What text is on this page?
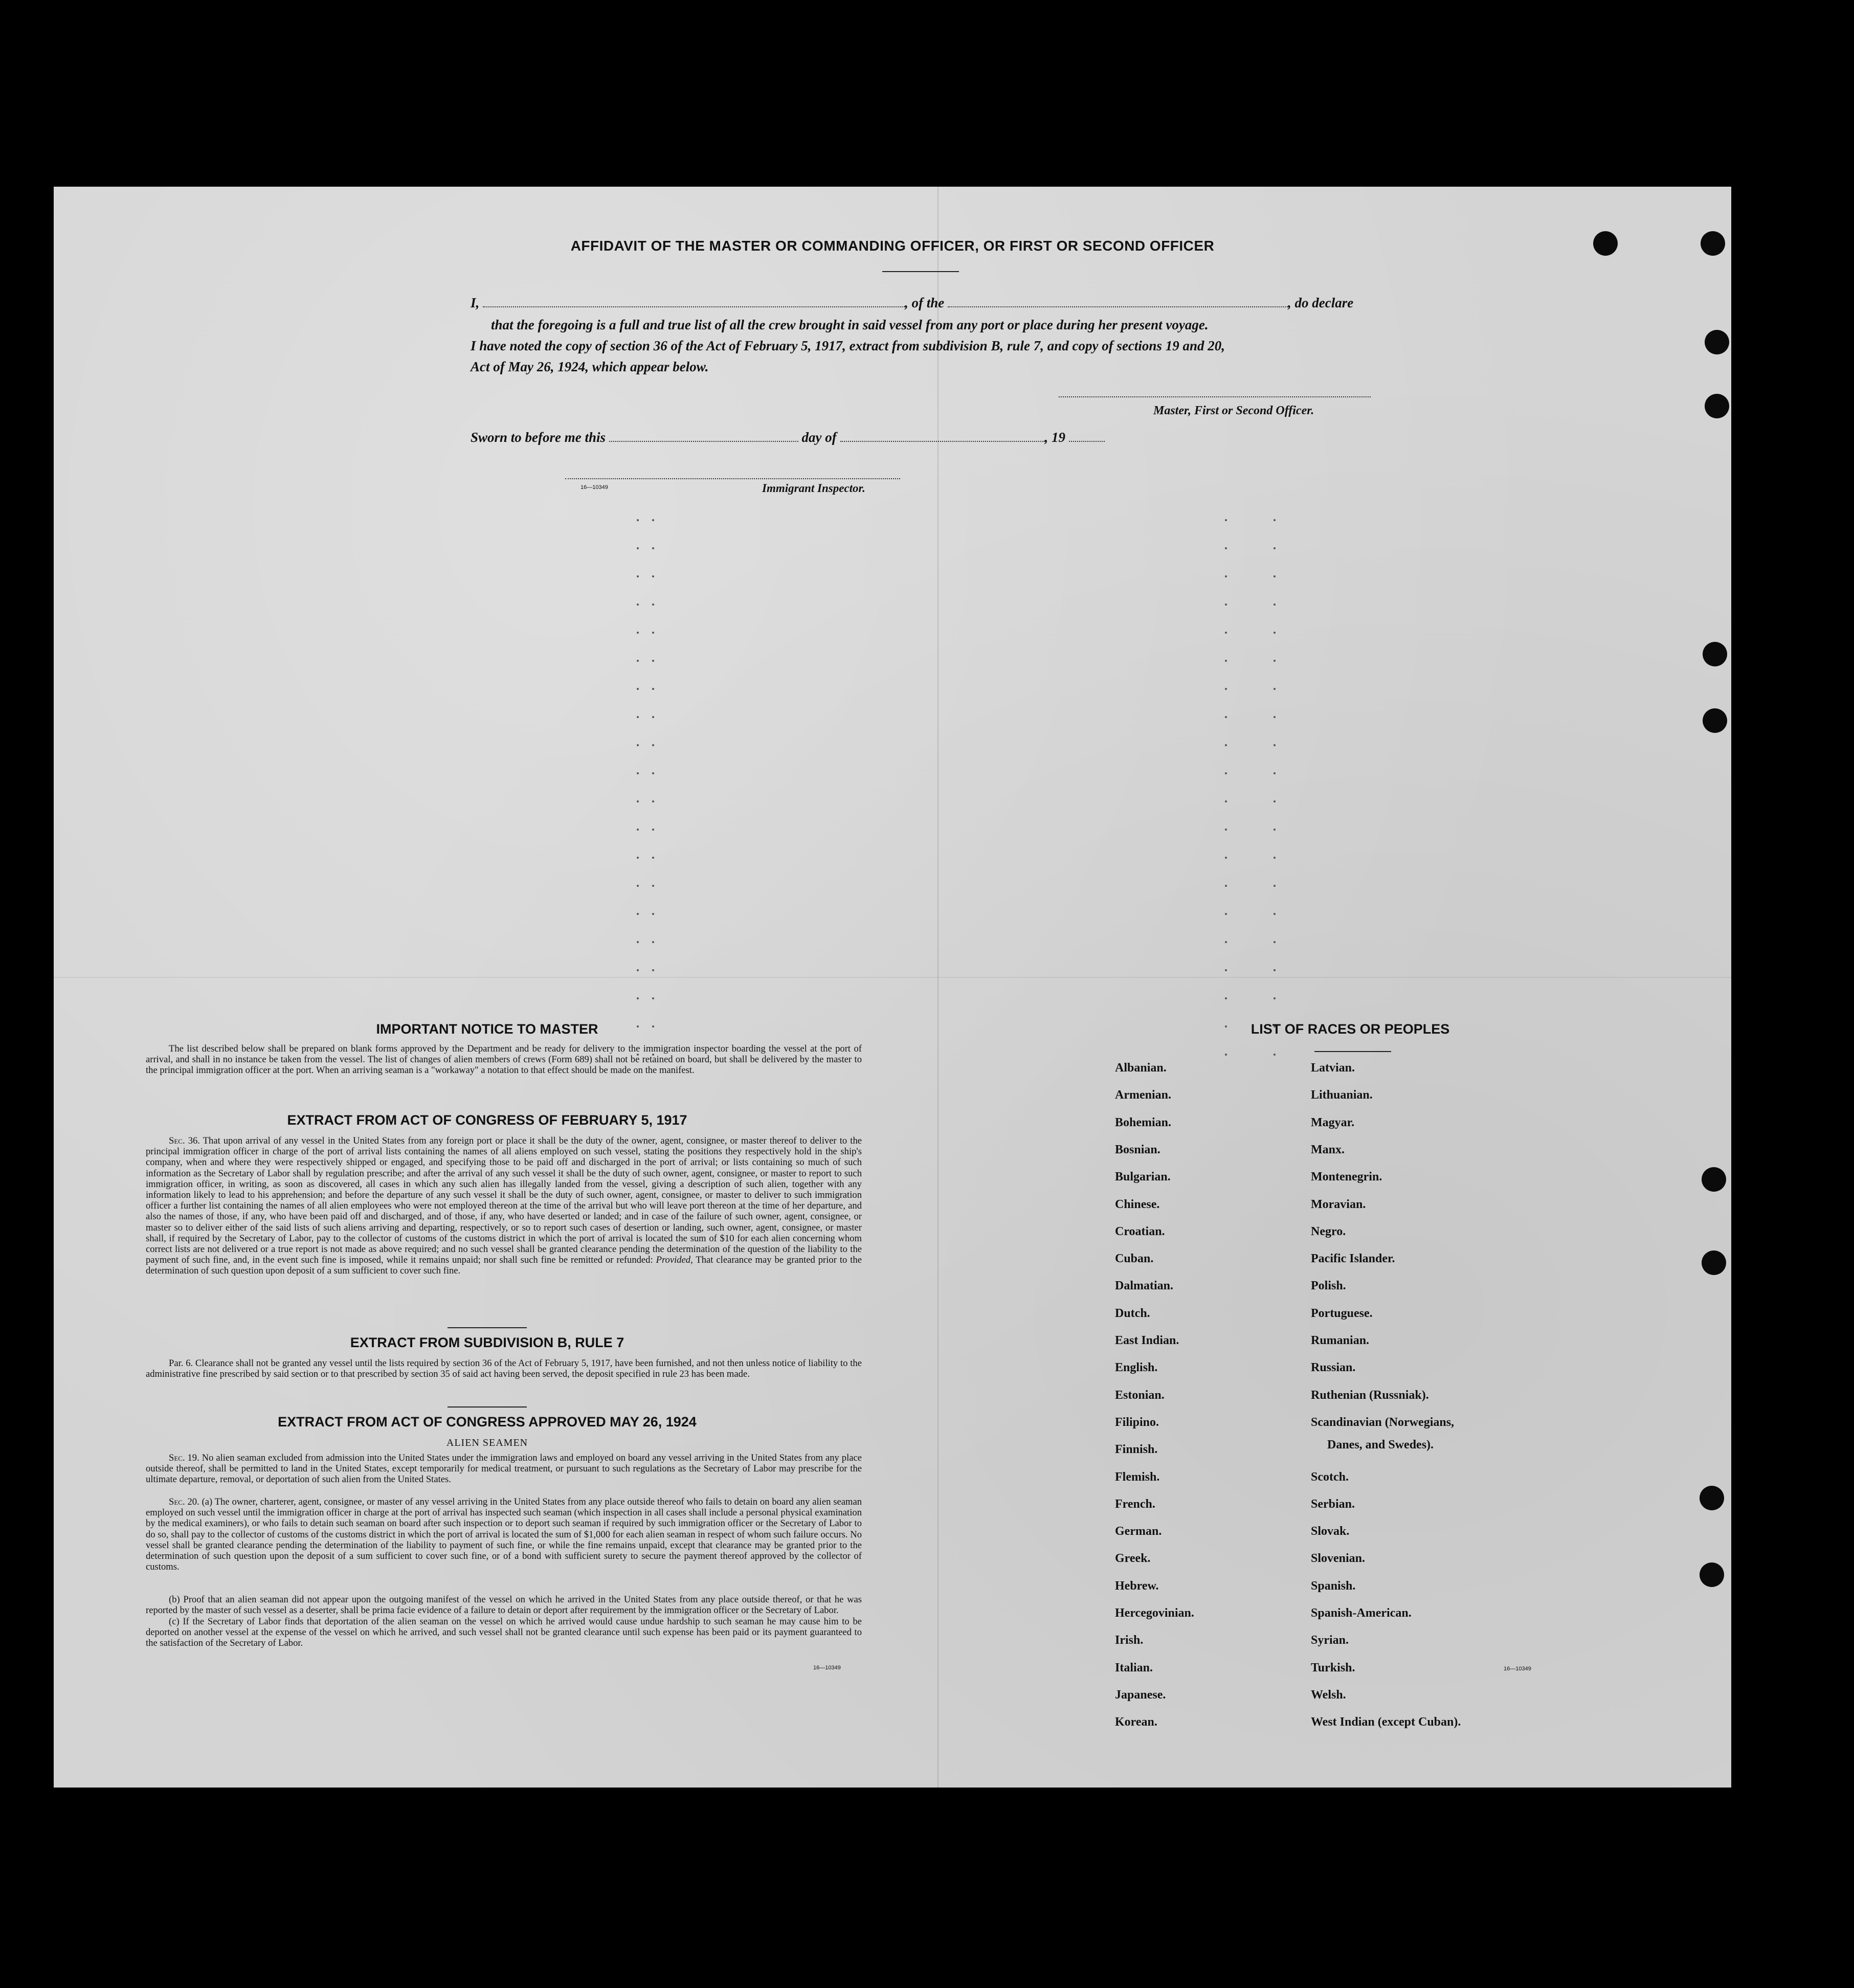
AFFIDAVIT OF THE MASTER OR COMMANDING OFFICER, OR FIRST OR SECOND OFFICER
I,	, of the	, do declare
that the foregoing is a full and true list of all the crew brought in said vessel from any port or place during her present voyage.
I have noted the copy of section 36 of the Act of February 5, 1917, extract from subdivision B, rule 7, and copy of sections 19 and 20,
Act of May 26, 1924, which appear below.
Master, First or Second Officer.
Sworn to before me this	day of	, 19
16—10349	Immigrant Inspector.
IMPORTANT NOTICE TO MASTER
The list described below shall be prepared on blank forms approved by the Department and be ready for delivery to the immigration inspector boarding the vessel at the port of arrival, and shall in no instance be taken from the vessel. The list of changes of alien members of crews (Form 689) shall not be retained on board, but shall be delivered by the master to the principal immigration officer at the port. When an arriving seaman is a "workaway" a notation to that effect should be made on the manifest.
EXTRACT FROM ACT OF CONGRESS OF FEBRUARY 5, 1917
Sec. 36. That upon arrival of any vessel in the United States from any foreign port or place it shall be the duty of the owner, agent, consignee, or master thereof to deliver to the principal immigration officer in charge of the port of arrival lists containing the names of all aliens employed on such vessel, stating the positions they respectively hold in the ship's company, when and where they were respectively shipped or engaged, and specifying those to be paid off and discharged in the port of arrival; or lists containing so much of such information as the Secretary of Labor shall by regulation prescribe; and after the arrival of any such vessel it shall be the duty of such owner, agent, consignee, or master to report to such immigration officer, in writing, as soon as discovered, all cases in which any such alien has illegally landed from the vessel, giving a description of such alien, together with any information likely to lead to his apprehension; and before the departure of any such vessel it shall be the duty of such owner, agent, consignee, or master to deliver to such immigration officer a further list containing the names of all alien employees who were not employed thereon at the time of the arrival but who will leave port thereon at the time of her departure, and also the names of those, if any, who have been paid off and discharged, and of those, if any, who have deserted or landed; and in case of the failure of such owner, agent, consignee, or master so to deliver either of the said lists of such aliens arriving and departing, respectively, or so to report such cases of desertion or landing, such owner, agent, consignee, or master shall, if required by the Secretary of Labor, pay to the collector of customs of the customs district in which the port of arrival is located the sum of $10 for each alien concerning whom correct lists are not delivered or a true report is not made as above required; and no such vessel shall be granted clearance pending the determination of the question of the liability to the payment of such fine, and, in the event such fine is imposed, while it remains unpaid; nor shall such fine be remitted or refunded: Provided, That clearance may be granted prior to the determination of such question upon deposit of a sum sufficient to cover such fine.
EXTRACT FROM SUBDIVISION B, RULE 7
Par. 6. Clearance shall not be granted any vessel until the lists required by section 36 of the Act of February 5, 1917, have been furnished, and not then unless notice of liability to the administrative fine prescribed by said section or to that prescribed by section 35 of said act having been served, the deposit specified in rule 23 has been made.
EXTRACT FROM ACT OF CONGRESS APPROVED MAY 26, 1924
ALIEN SEAMEN
Sec. 19. No alien seaman excluded from admission into the United States under the immigration laws and employed on board any vessel arriving in the United States from any place outside thereof, shall be permitted to land in the United States, except temporarily for medical treatment, or pursuant to such regulations as the Secretary of Labor may prescribe for the ultimate departure, removal, or deportation of such alien from the United States.
Sec. 20. (a) The owner, charterer, agent, consignee, or master of any vessel arriving in the United States from any place outside thereof who fails to detain on board any alien seaman employed on such vessel until the immigration officer in charge at the port of arrival has inspected such seaman (which inspection in all cases shall include a personal physical examination by the medical examiners), or who fails to detain such seaman on board after such inspection or to deport such seaman if required by such immigration officer or the Secretary of Labor to do so, shall pay to the collector of customs of the customs district in which the port of arrival is located the sum of $1,000 for each alien seaman in respect of whom such failure occurs. No vessel shall be granted clearance pending the determination of the liability to payment of such fine, or while the fine remains unpaid, except that clearance may be granted prior to the determination of such question upon the deposit of a sum sufficient to cover such fine, or of a bond with sufficient surety to secure the payment thereof approved by the collector of customs.
(b) Proof that an alien seaman did not appear upon the outgoing manifest of the vessel on which he arrived in the United States from any place outside thereof, or that he was reported by the master of such vessel as a deserter, shall be prima facie evidence of a failure to detain or deport after requirement by the immigration officer or the Secretary of Labor.
(c) If the Secretary of Labor finds that deportation of the alien seaman on the vessel on which he arrived would cause undue hardship to such seaman he may cause him to be deported on another vessel at the expense of the vessel on which he arrived, and such vessel shall not be granted clearance until such expense has been paid or its payment guaranteed to the satisfaction of the Secretary of Labor.
16—10349
LIST OF RACES OR PEOPLES
Albanian.
Armenian.
Bohemian.
Bosnian.
Bulgarian.
Chinese.
Croatian.
Cuban.
Dalmatian.
Dutch.
East Indian.
English.
Estonian.
Filipino.
Finnish.
Flemish.
French.
German.
Greek.
Hebrew.
Hercegovinian.
Irish.
Italian.
Japanese.
Korean.
Latvian.
Lithuanian.
Magyar.
Manx.
Montenegrin.
Moravian.
Negro.
Pacific Islander.
Polish.
Portuguese.
Rumanian.
Russian.
Ruthenian (Russniak).
Scandinavian (Norwegians,
Scotch.
Serbian.
Slovak.
Slovenian.
Spanish.
Spanish-American.
Syrian.
Turkish.
Welsh.
West Indian (except Cuban).
Danes, and Swedes).
16—10349
